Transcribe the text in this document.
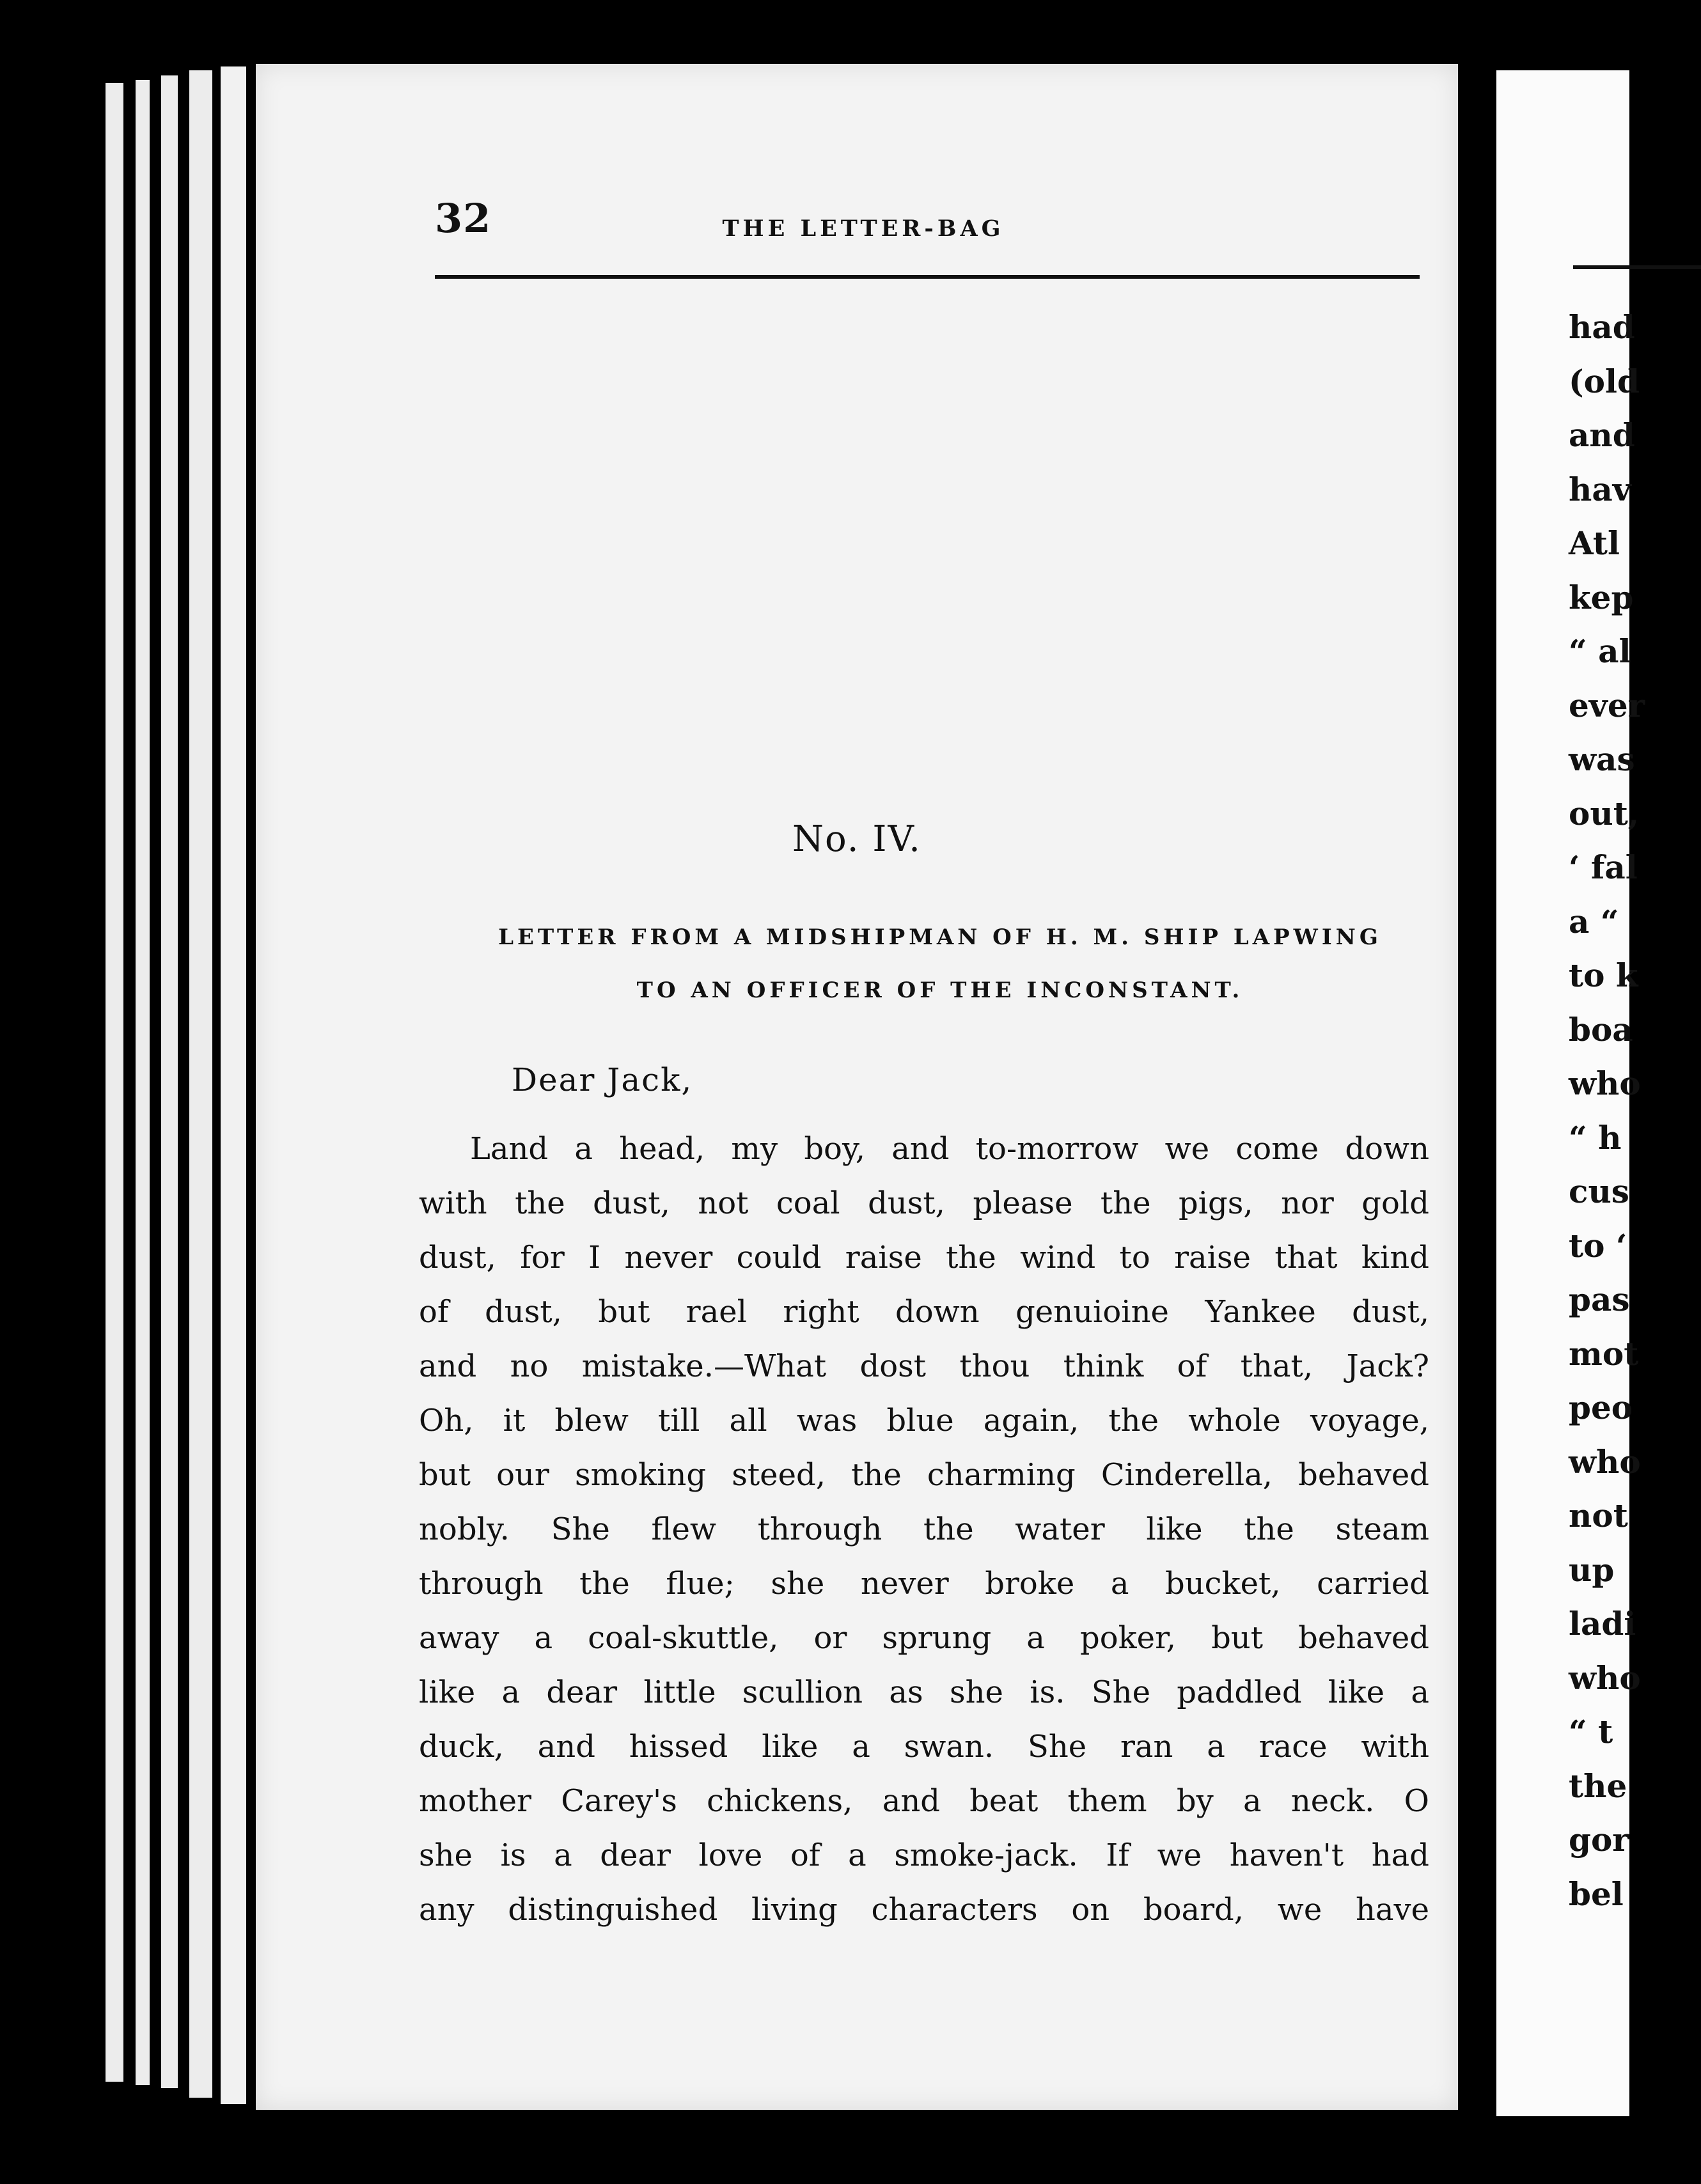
32	THE LETTER-BAG
No. IV.
LETTER FROM A MIDSHIPMAN OF H. M. SHIP LAPWING
TO AN OFFICER OF THE INCONSTANT.
Dear Jack,
Land a head, my boy, and to-morrow we come down
with the dust, not coal dust, please the pigs, nor gold
dust, for I never could raise the wind to raise that kind
of dust, but rael right down genuioine Yankee dust,
and no mistake.—What dost thou think of that, Jack?
Oh, it blew till all was blue again, the whole voyage,
but our smoking steed, the charming Cinderella, behaved
nobly. She flew through the water like the steam
through the flue; she never broke a bucket, carried
away a coal-skuttle, or sprung a poker, but behaved
like a dear little scullion as she is. She paddled like a
duck, and hissed like a swan. She ran a race with
mother Carey's chickens, and beat them by a neck. O
she is a dear love of a smoke-jack. If we haven't had
any distinguished living characters on board, we have
had
(old
and
hav
Atl
kep
“ al
ever
was
out,
‘ fal
a “
to k
boa
who
“ h
cus
to ‘
pas
mot
peo
who
not
up
ladi
who
“ t
the
gor
bel
